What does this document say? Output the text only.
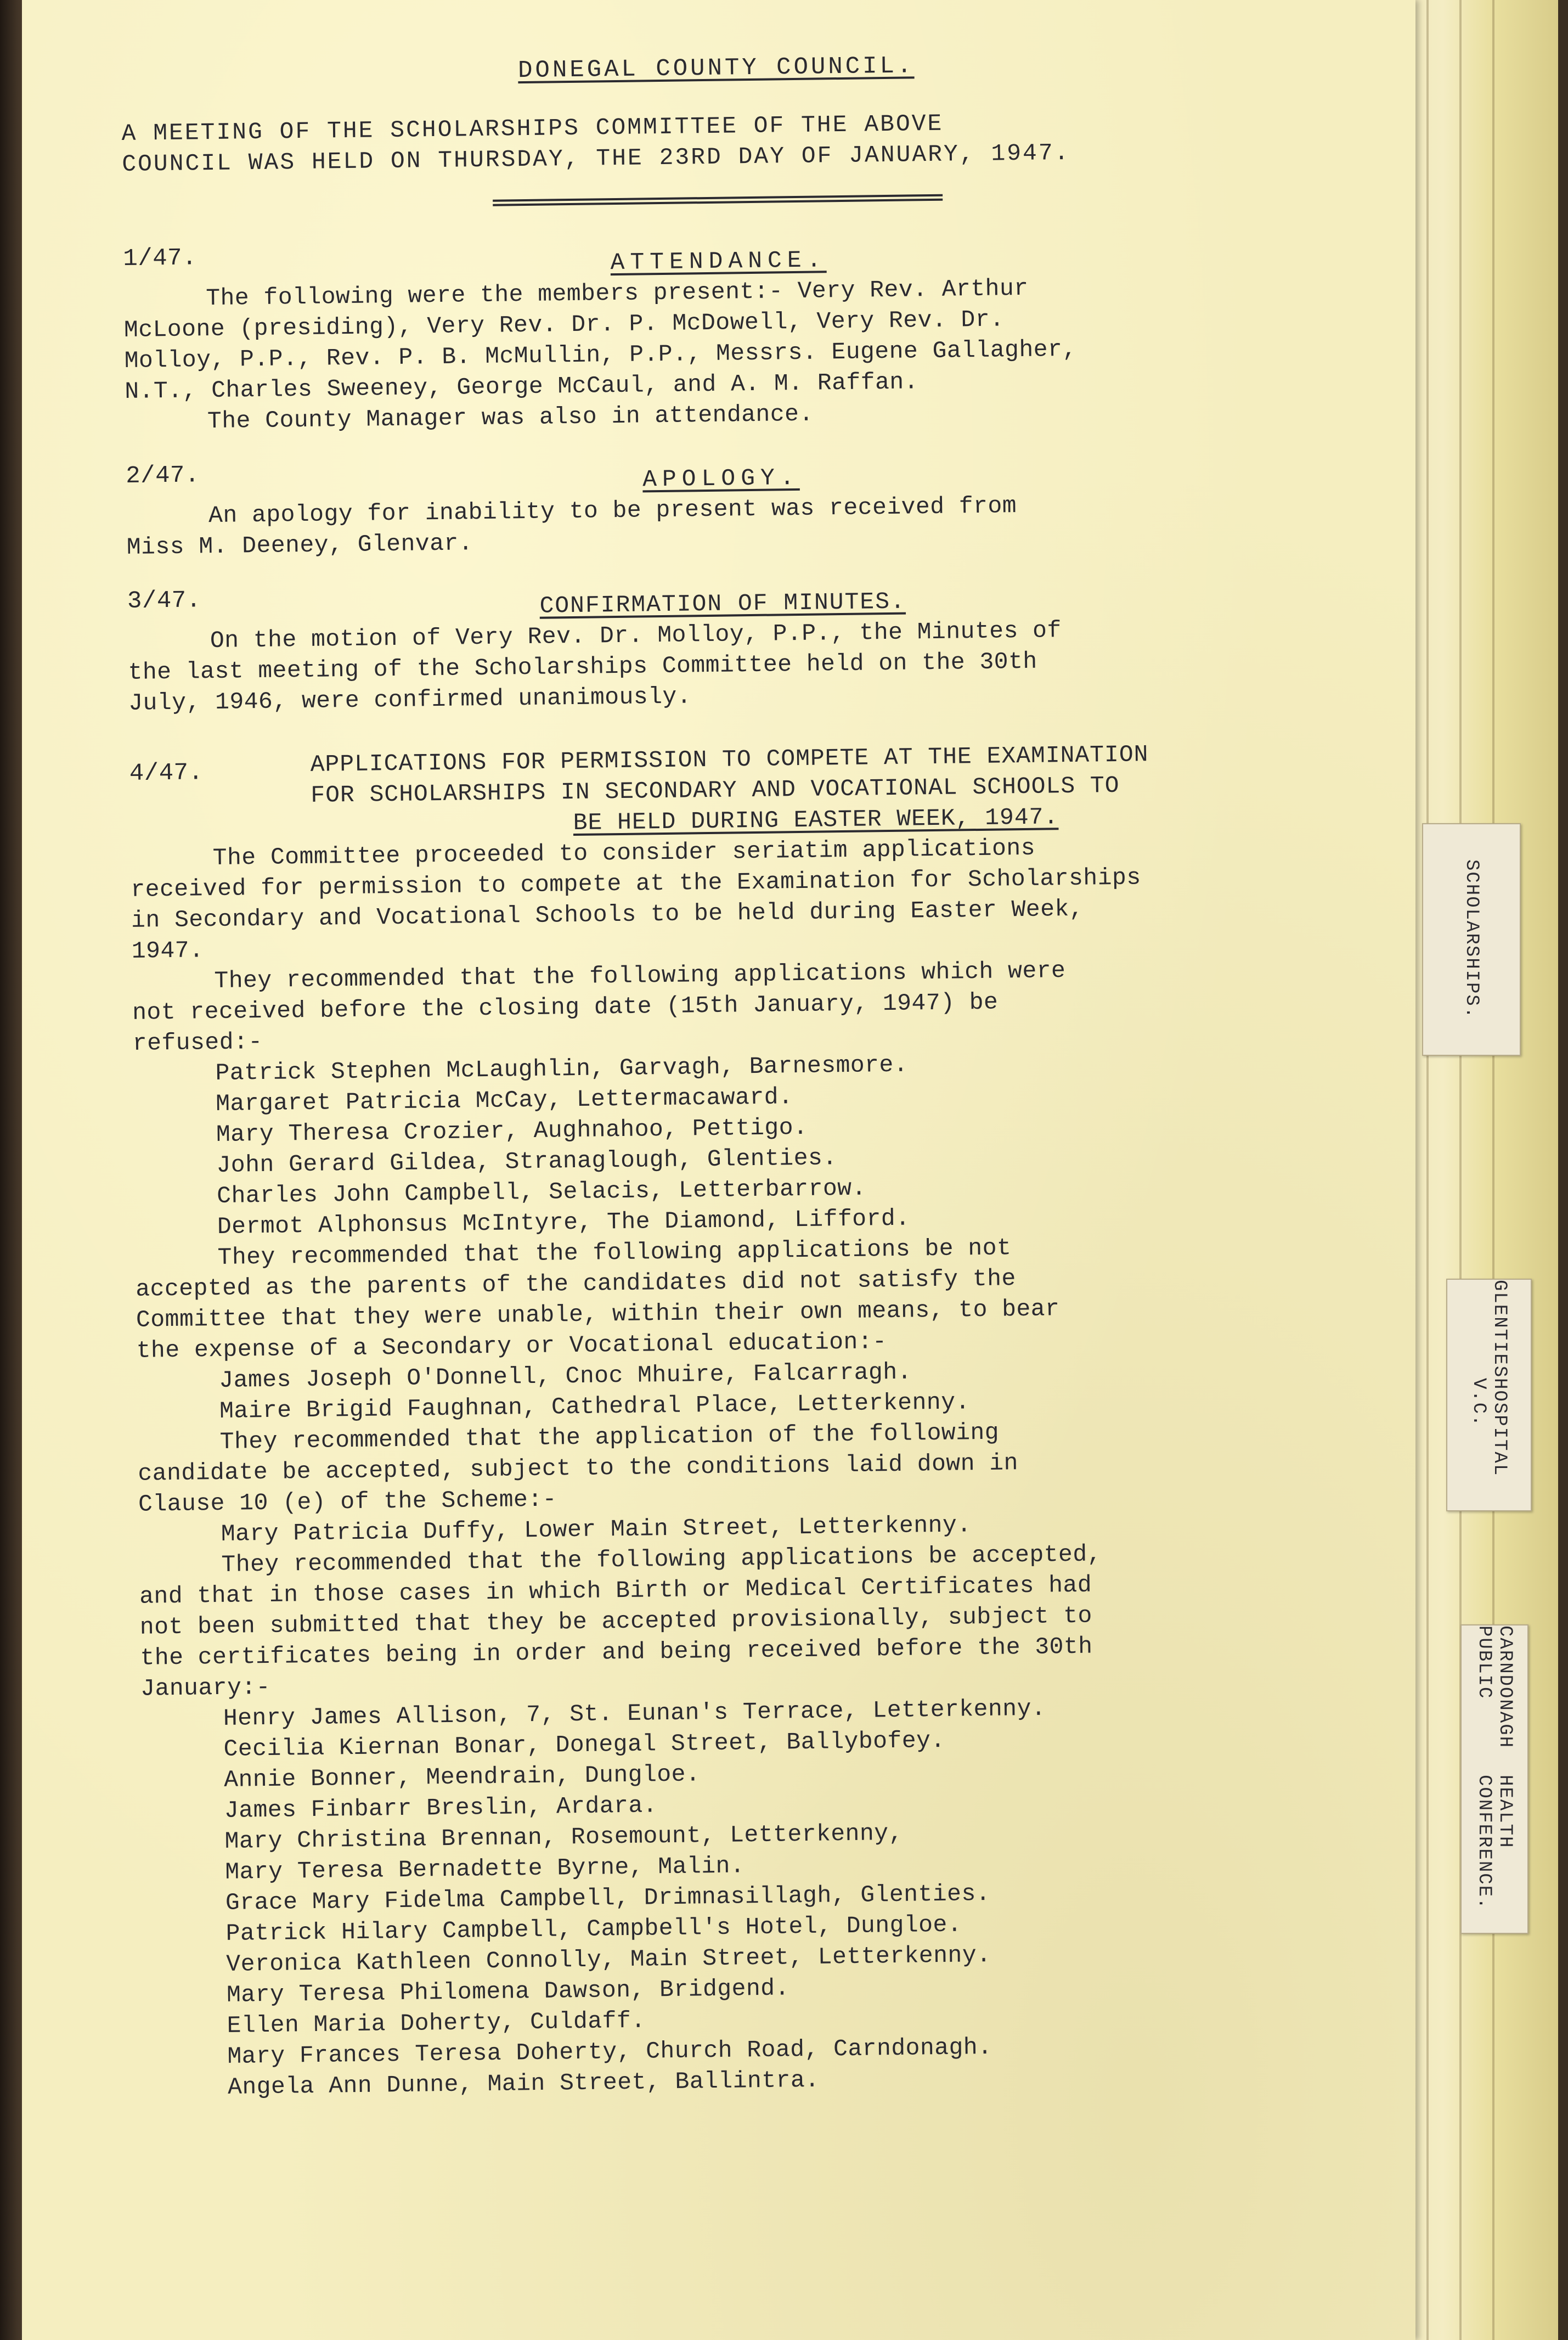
DONEGAL COUNTY COUNCIL.

A MEETING OF THE SCHOLARSHIPS COMMITTEE OF THE ABOVE

COUNCIL WAS HELD ON THURSDAY, THE 23RD DAY OF JANUARY, 1947.

1/47.	ATTENDANCE.

The following were the members present:- Very Rev. Arthur

McLoone (presiding), Very Rev. Dr. P. McDowell, Very Rev. Dr.

Molloy, P.P., Rev. P. B. McMullin, P.P., Messrs. Eugene Gallagher,

N.T., Charles Sweeney, George McCaul, and A. M. Raffan.

The County Manager was also in attendance.

2/47.	APOLOGY.

An apology for inability to be present was received from

Miss M. Deeney, Glenvar.

3/47.	CONFIRMATION OF MINUTES.

On the motion of Very Rev. Dr. Molloy, P.P., the Minutes of

the last meeting of the Scholarships Committee held on the 30th

July, 1946, were confirmed unanimously.

4/47.	APPLICATIONS FOR PERMISSION TO COMPETE AT THE EXAMINATION

FOR SCHOLARSHIPS IN SECONDARY AND VOCATIONAL SCHOOLS TO

BE HELD DURING EASTER WEEK, 1947.

The Committee proceeded to consider seriatim applications

received for permission to compete at the Examination for Scholarships

in Secondary and Vocational Schools to be held during Easter Week,

1947.

They recommended that the following applications which were

not received before the closing date (15th January, 1947) be

refused:-

Patrick Stephen McLaughlin, Garvagh, Barnesmore.
Margaret Patricia McCay, Lettermacaward.
Mary Theresa Crozier, Aughnahoo, Pettigo.
John Gerard Gildea, Stranaglough, Glenties.
Charles John Campbell, Selacis, Letterbarrow.
Dermot Alphonsus McIntyre, The Diamond, Lifford.

They recommended that the following applications be not

accepted as the parents of the candidates did not satisfy the

Committee that they were unable, within their own means, to bear

the expense of a Secondary or Vocational education:-

James Joseph O'Donnell, Cnoc Mhuire, Falcarragh.
Maire Brigid Faughnan, Cathedral Place, Letterkenny.

They recommended that the application of the following

candidate be accepted, subject to the conditions laid down in

Clause 10 (e) of the Scheme:-

Mary Patricia Duffy, Lower Main Street, Letterkenny.

They recommended that the following applications be accepted,

and that in those cases in which Birth or Medical Certificates had

not been submitted that they be accepted provisionally, subject to

the certificates being in order and being received before the 30th

January:-

Henry James Allison, 7, St. Eunan's Terrace, Letterkenny.
Cecilia Kiernan Bonar, Donegal Street, Ballybofey.
Annie Bonner, Meendrain, Dungloe.
James Finbarr Breslin, Ardara.
Mary Christina Brennan, Rosemount, Letterkenny,
Mary Teresa Bernadette Byrne, Malin.
Grace Mary Fidelma Campbell, Drimnasillagh, Glenties.
Patrick Hilary Campbell, Campbell's Hotel, Dungloe.
Veronica Kathleen Connolly, Main Street, Letterkenny.
Mary Teresa Philomena Dawson, Bridgend.
Ellen Maria Doherty, Culdaff.
Mary Frances Teresa Doherty, Church Road, Carndonagh.
Angela Ann Dunne, Main Street, Ballintra.
SCHOLARSHIPS.
GLENTIES
HOSPITAL V.C.
CARNDONAGH PUBLIC
HEALTH CONFERENCE.
